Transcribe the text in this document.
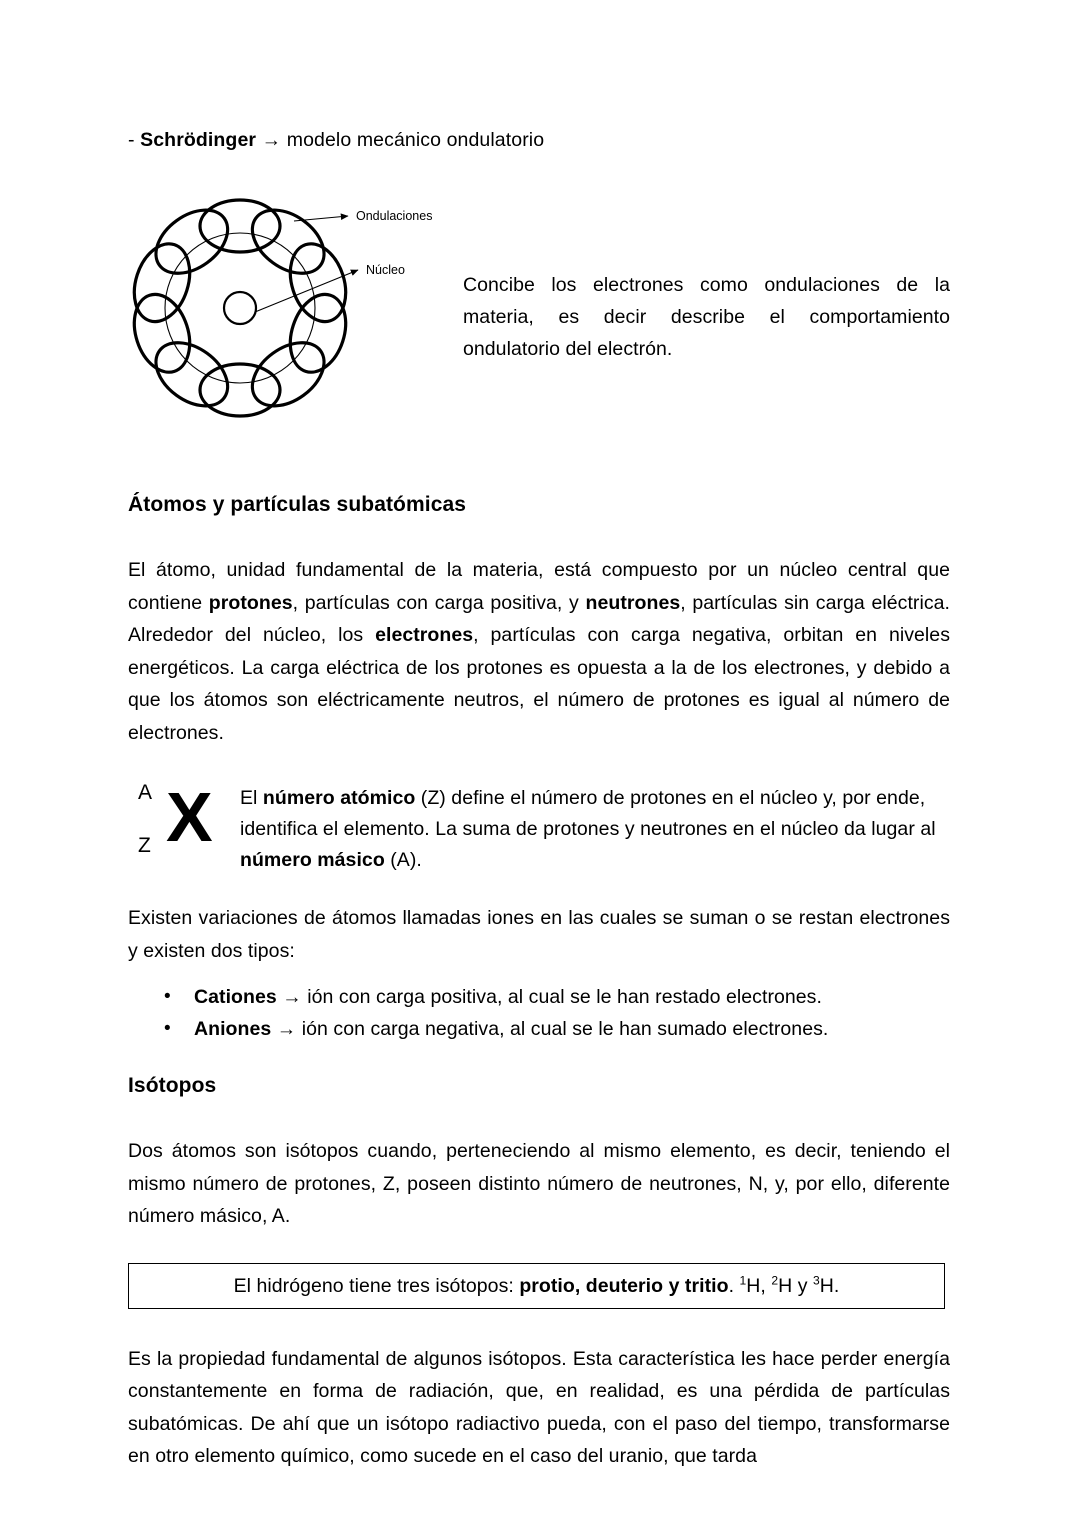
- Schrödinger → modelo mecánico ondulatorio
Ondulaciones
Núcleo
Concibe los electrones como ondulaciones de la materia, es decir describe el comportamiento ondulatorio del electrón.
Átomos y partículas subatómicas

El átomo, unidad fundamental de la materia, está compuesto por un núcleo central que contiene protones, partículas con carga positiva, y neutrones, partículas sin carga eléctrica. Alrededor del núcleo, los electrones, partículas con carga negativa, orbitan en niveles energéticos. La carga eléctrica de los protones es opuesta a la de los electrones, y debido a que los átomos son eléctricamente neutros, el número de protones es igual al número de electrones.

A
Z X El número atómico (Z) define el número de protones en el núcleo y, por ende, identifica el elemento. La suma de protones y neutrones en el núcleo da lugar al número másico (A).

Existen variaciones de átomos llamadas iones en las cuales se suman o se restan electrones y existen dos tipos:

• Cationes → ión con carga positiva, al cual se le han restado electrones.
• Aniones → ión con carga negativa, al cual se le han sumado electrones.
Isótopos

Dos átomos son isótopos cuando, perteneciendo al mismo elemento, es decir, teniendo el mismo número de protones, Z, poseen distinto número de neutrones, N, y, por ello, diferente número másico, A.

El hidrógeno tiene tres isótopos: protio, deuterio y tritio. $^1$H, $^2$H y $^3$H.

Es la propiedad fundamental de algunos isótopos. Esta característica les hace perder energía constantemente en forma de radiación, que, en realidad, es una pérdida de partículas subatómicas. De ahí que un isótopo radiactivo pueda, con el paso del tiempo, transformarse en otro elemento químico, como sucede en el caso del uranio, que tarda
